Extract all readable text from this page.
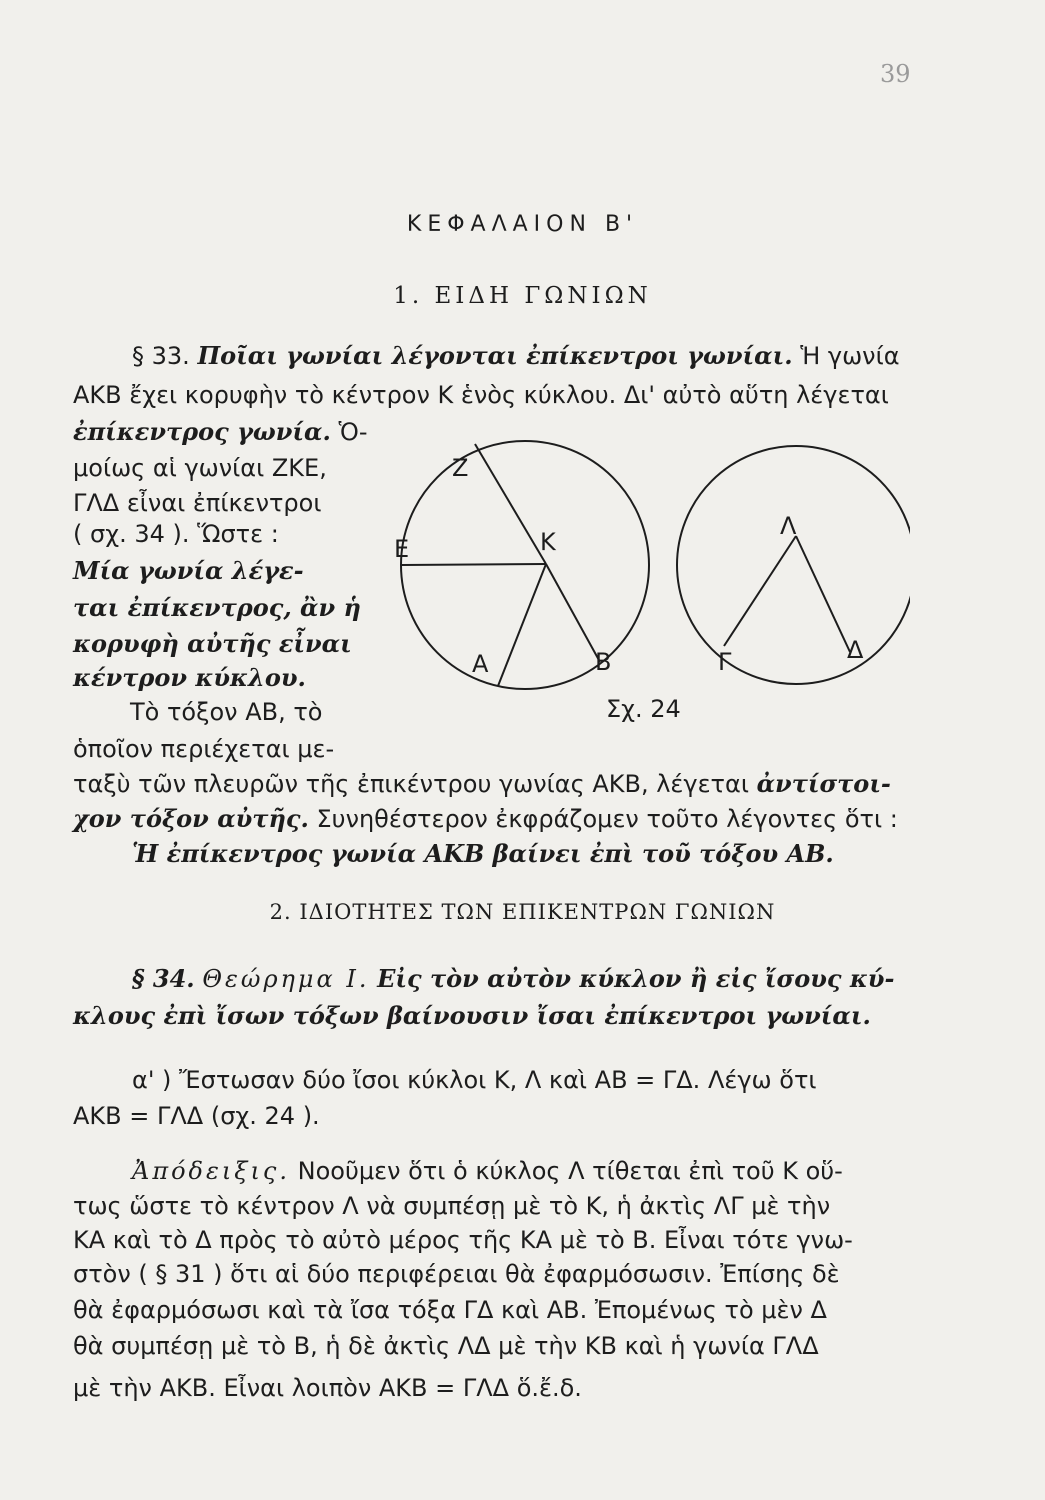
39
ΚΕΦΑΛΑΙΟΝ Β'
1. ΕΙΔΗ ΓΩΝΙΩΝ
§ 33. Ποῖαι γωνίαι λέγονται ἐπίκεντροι γωνίαι. Ἡ γωνία
ΑΚΒ ἔχει κορυφὴν τὸ κέντρον Κ ἑνὸς κύκλου. Δι' αὐτὸ αὕτη λέγεται
ἐπίκεντρος γωνία. Ὁ-
μοίως αἱ γωνίαι ΖΚΕ,
ΓΛΔ εἶναι ἐπίκεντροι
( σχ. 34 ). Ὥστε :
Μία γωνία λέγε-
ται ἐπίκεντρος, ἂν ἡ
κορυφὴ αὐτῆς εἶναι
κέντρον κύκλου.
Τὸ τόξον ΑΒ, τὸ
ὁποῖον περιέχεται με-
ταξὺ τῶν πλευρῶν τῆς ἐπικέντρου γωνίας ΑΚΒ, λέγεται ἀντίστοι-
χον τόξον αὐτῆς. Συνηθέστερον ἐκφράζομεν τοῦτο λέγοντες ὅτι :
Ἡ ἐπίκεντρος γωνία ΑΚΒ βαίνει ἐπὶ τοῦ τόξου ΑΒ.
Ζ
Ε	Κ
Α	Β
Λ
Γ	Δ
Σχ. 24
2. ΙΔΙΟΤΗΤΕΣ ΤΩΝ ΕΠΙΚΕΝΤΡΩΝ ΓΩΝΙΩΝ
§ 34. Θεώρημα Ι. Εἰς τὸν αὐτὸν κύκλον ἢ εἰς ἴσους κύ-
κλους ἐπὶ ἴσων τόξων βαίνουσιν ἴσαι ἐπίκεντροι γωνίαι.
α' ) Ἔστωσαν δύο ἴσοι κύκλοι Κ, Λ καὶ ΑΒ = ΓΔ. Λέγω ὅτι
ΑΚΒ = ΓΛΔ (σχ. 24 ).
Ἀπόδειξις. Νοοῦμεν ὅτι ὁ κύκλος Λ τίθεται ἐπὶ τοῦ Κ οὕ-
τως ὥστε τὸ κέντρον Λ νὰ συμπέσῃ μὲ τὸ Κ, ἡ ἀκτὶς ΛΓ μὲ τὴν
ΚΑ καὶ τὸ Δ πρὸς τὸ αὐτὸ μέρος τῆς ΚΑ μὲ τὸ Β. Εἶναι τότε γνω-
στὸν ( § 31 ) ὅτι αἱ δύο περιφέρειαι θὰ ἐφαρμόσωσιν. Ἐπίσης δὲ
θὰ ἐφαρμόσωσι καὶ τὰ ἴσα τόξα ΓΔ καὶ ΑΒ. Ἐπομένως τὸ μὲν Δ
θὰ συμπέσῃ μὲ τὸ Β, ἡ δὲ ἀκτὶς ΛΔ μὲ τὴν ΚΒ καὶ ἡ γωνία ΓΛΔ
μὲ τὴν ΑΚΒ. Εἶναι λοιπὸν ΑΚΒ = ΓΛΔ ὅ.ἔ.δ.
